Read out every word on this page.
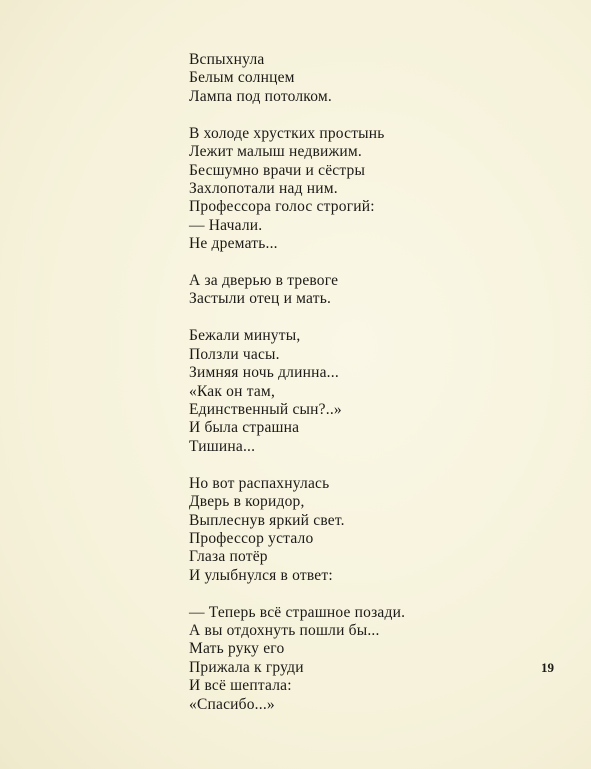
Вспыхнула
Белым солнцем
Лампа под потолком.

В холоде хрустких простынь
Лежит малыш недвижим.
Бесшумно врачи и сёстры
Захлопотали над ним.
Профессора голос строгий:
— Начали.
Не дремать...

А за дверью в тревоге
Застыли отец и мать.

Бежали минуты,
Ползли часы.
Зимняя ночь длинна...
«Как он там,
Единственный сын?..»
И была страшна
Тишина...

Но вот распахнулась
Дверь в коридор,
Выплеснув яркий свет.
Профессор устало
Глаза потёр
И улыбнулся в ответ:

— Теперь всё страшное позади.
А вы отдохнуть пошли бы...
Мать руку его
Прижала к груди
И всё шептала:
«Спасибо...»

19
